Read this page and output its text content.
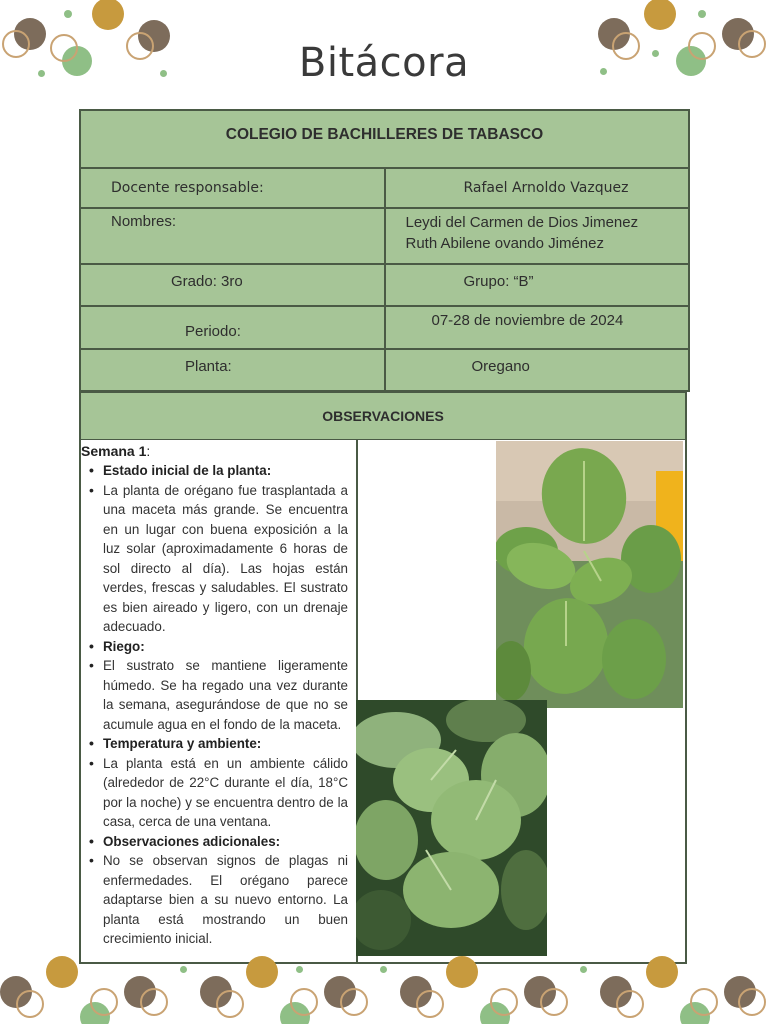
Bitácora
COLEGIO DE BACHILLERES DE TABASCO	
Docente responsable:	Rafael Arnoldo Vazquez
Nombres:	Leydi del Carmen de Dios Jimenez
Ruth Abilene ovando Jiménez

Grado: 3ro	Grupo: “B”
Periodo:	07-28 de noviembre de 2024
Planta:	Oregano
OBSERVACIONES
Semana 1:
• Estado inicial de la planta:
• La planta de orégano fue trasplantada a una maceta más grande. Se encuentra en un lugar con buena exposición a la luz solar (aproximadamente 6 horas de sol directo al día). Las hojas están verdes, frescas y saludables. El sustrato es bien aireado y ligero, con un drenaje adecuado.
• Riego:
• El sustrato se mantiene ligeramente húmedo. Se ha regado una vez durante la semana, asegurándose de que no se acumule agua en el fondo de la maceta.
• Temperatura y ambiente:
• La planta está en un ambiente cálido (alrededor de 22°C durante el día, 18°C por la noche) y se encuentra dentro de la casa, cerca de una ventana.
• Observaciones adicionales:
• No se observan signos de plagas ni enfermedades. El orégano parece adaptarse bien a su nuevo entorno. La planta está mostrando un buen crecimiento inicial.
